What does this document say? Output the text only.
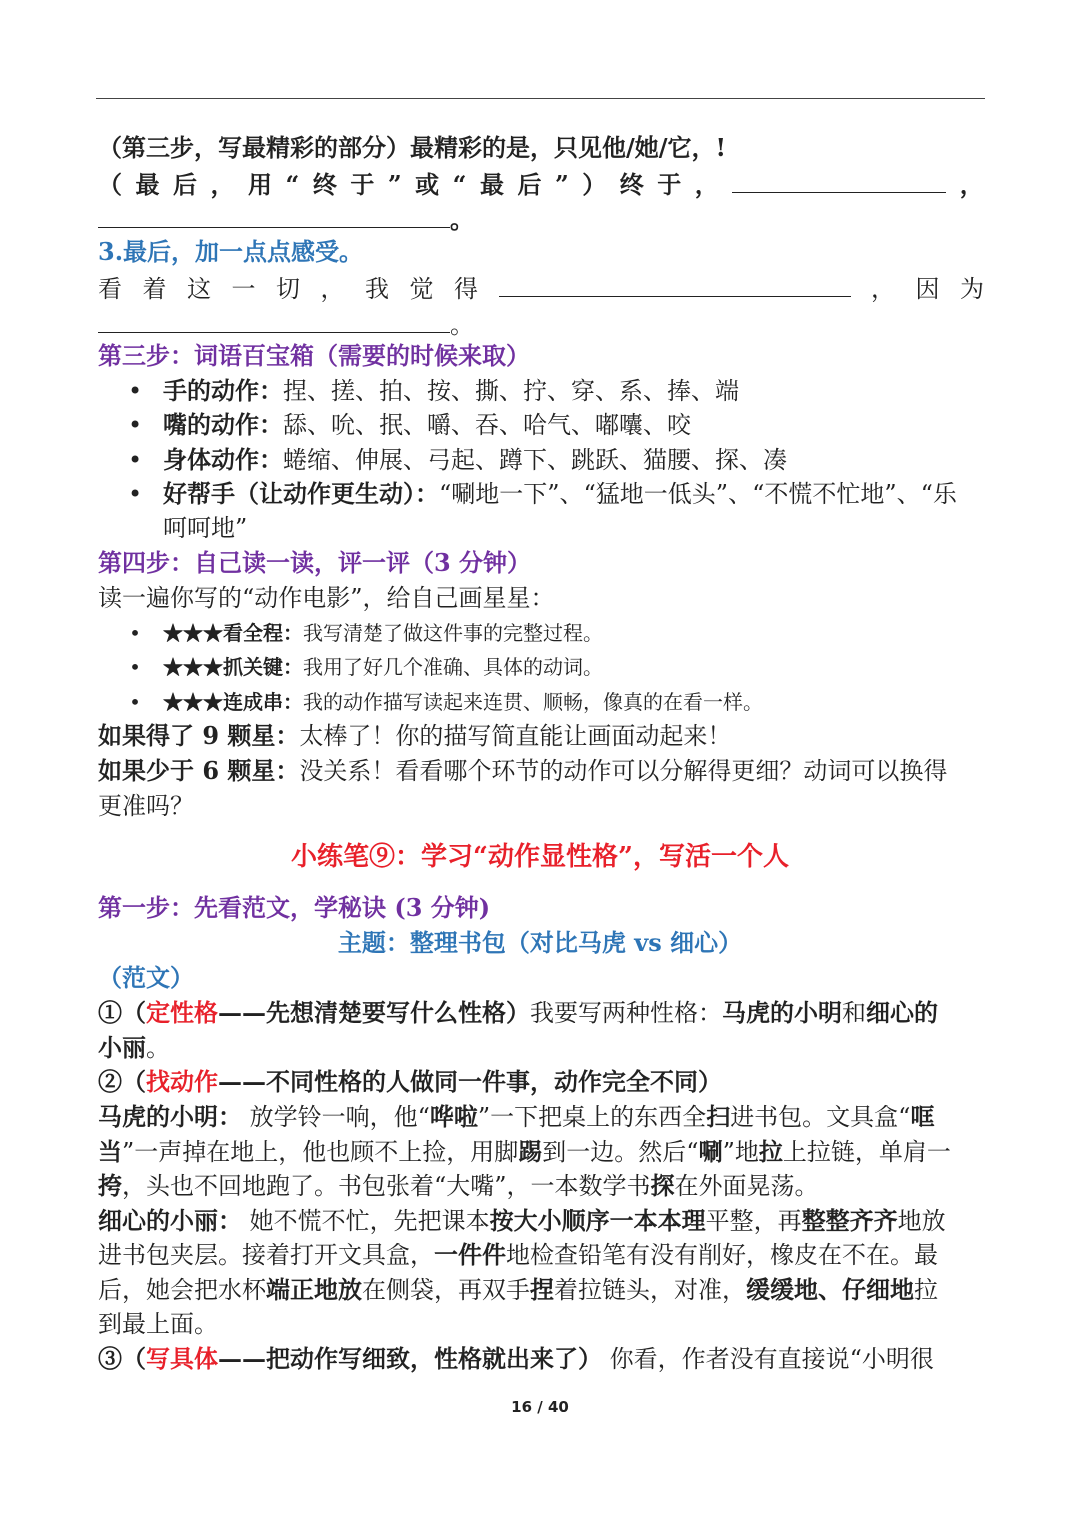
（第三步，写最精彩的部分）最精彩的是，只见他/她/它，!
（ 最 后 ， 用 “ 终 于 ” 或 “ 最 后 ” ） 终 于 ，	，
。
3.最后，加一点点感受。
看 着 这 一 切 ， 我 觉 得	， 因 为
。
第三步：词语百宝箱（需要的时候来取）
• 手的动作：捏、搓、拍、按、撕、拧、穿、系、捧、端
• 嘴的动作：舔、吮、抿、嚼、吞、哈气、嘟囔、咬
• 身体动作：蜷缩、伸展、弓起、蹲下、跳跃、猫腰、探、凑
• 好帮手（让动作更生动）：“唰地一下”、“猛地一低头”、“不慌不忙地”、“乐
呵呵地”
第四步：自己读一读，评一评（3 分钟）
读一遍你写的“动作电影”，给自己画星星：
• ★★★看全程：我写清楚了做这件事的完整过程。
• ★★★抓关键：我用了好几个准确、具体的动词。
• ★★★连成串：我的动作描写读起来连贯、顺畅，像真的在看一样。
如果得了 9 颗星：太棒了！你的描写简直能让画面动起来！
如果少于 6 颗星：没关系！看看哪个环节的动作可以分解得更细？动词可以换得
更准吗？
小练笔⑨：学习“动作显性格”，写活一个人
第一步：先看范文，学秘诀 (3 分钟)
主题：整理书包（对比马虎 vs 细心）
（范文）
①（定性格——先想清楚要写什么性格）我要写两种性格：马虎的小明和细心的
小丽。
②（找动作——不同性格的人做同一件事，动作完全不同）
马虎的小明： 放学铃一响，他“哗啦”一下把桌上的东西全扫进书包。文具盒“哐
当”一声掉在地上，他也顾不上捡，用脚踢到一边。然后“唰”地拉上拉链，单肩一
挎，头也不回地跑了。书包张着“大嘴”，一本数学书探在外面晃荡。
细心的小丽： 她不慌不忙，先把课本按大小顺序一本本理平整，再整整齐齐地放
进书包夹层。接着打开文具盒，一件件地检查铅笔有没有削好，橡皮在不在。最
后，她会把水杯端正地放在侧袋，再双手捏着拉链头，对准，缓缓地、仔细地拉
到最上面。
③（写具体——把动作写细致，性格就出来了） 你看，作者没有直接说“小明很
16 / 40
